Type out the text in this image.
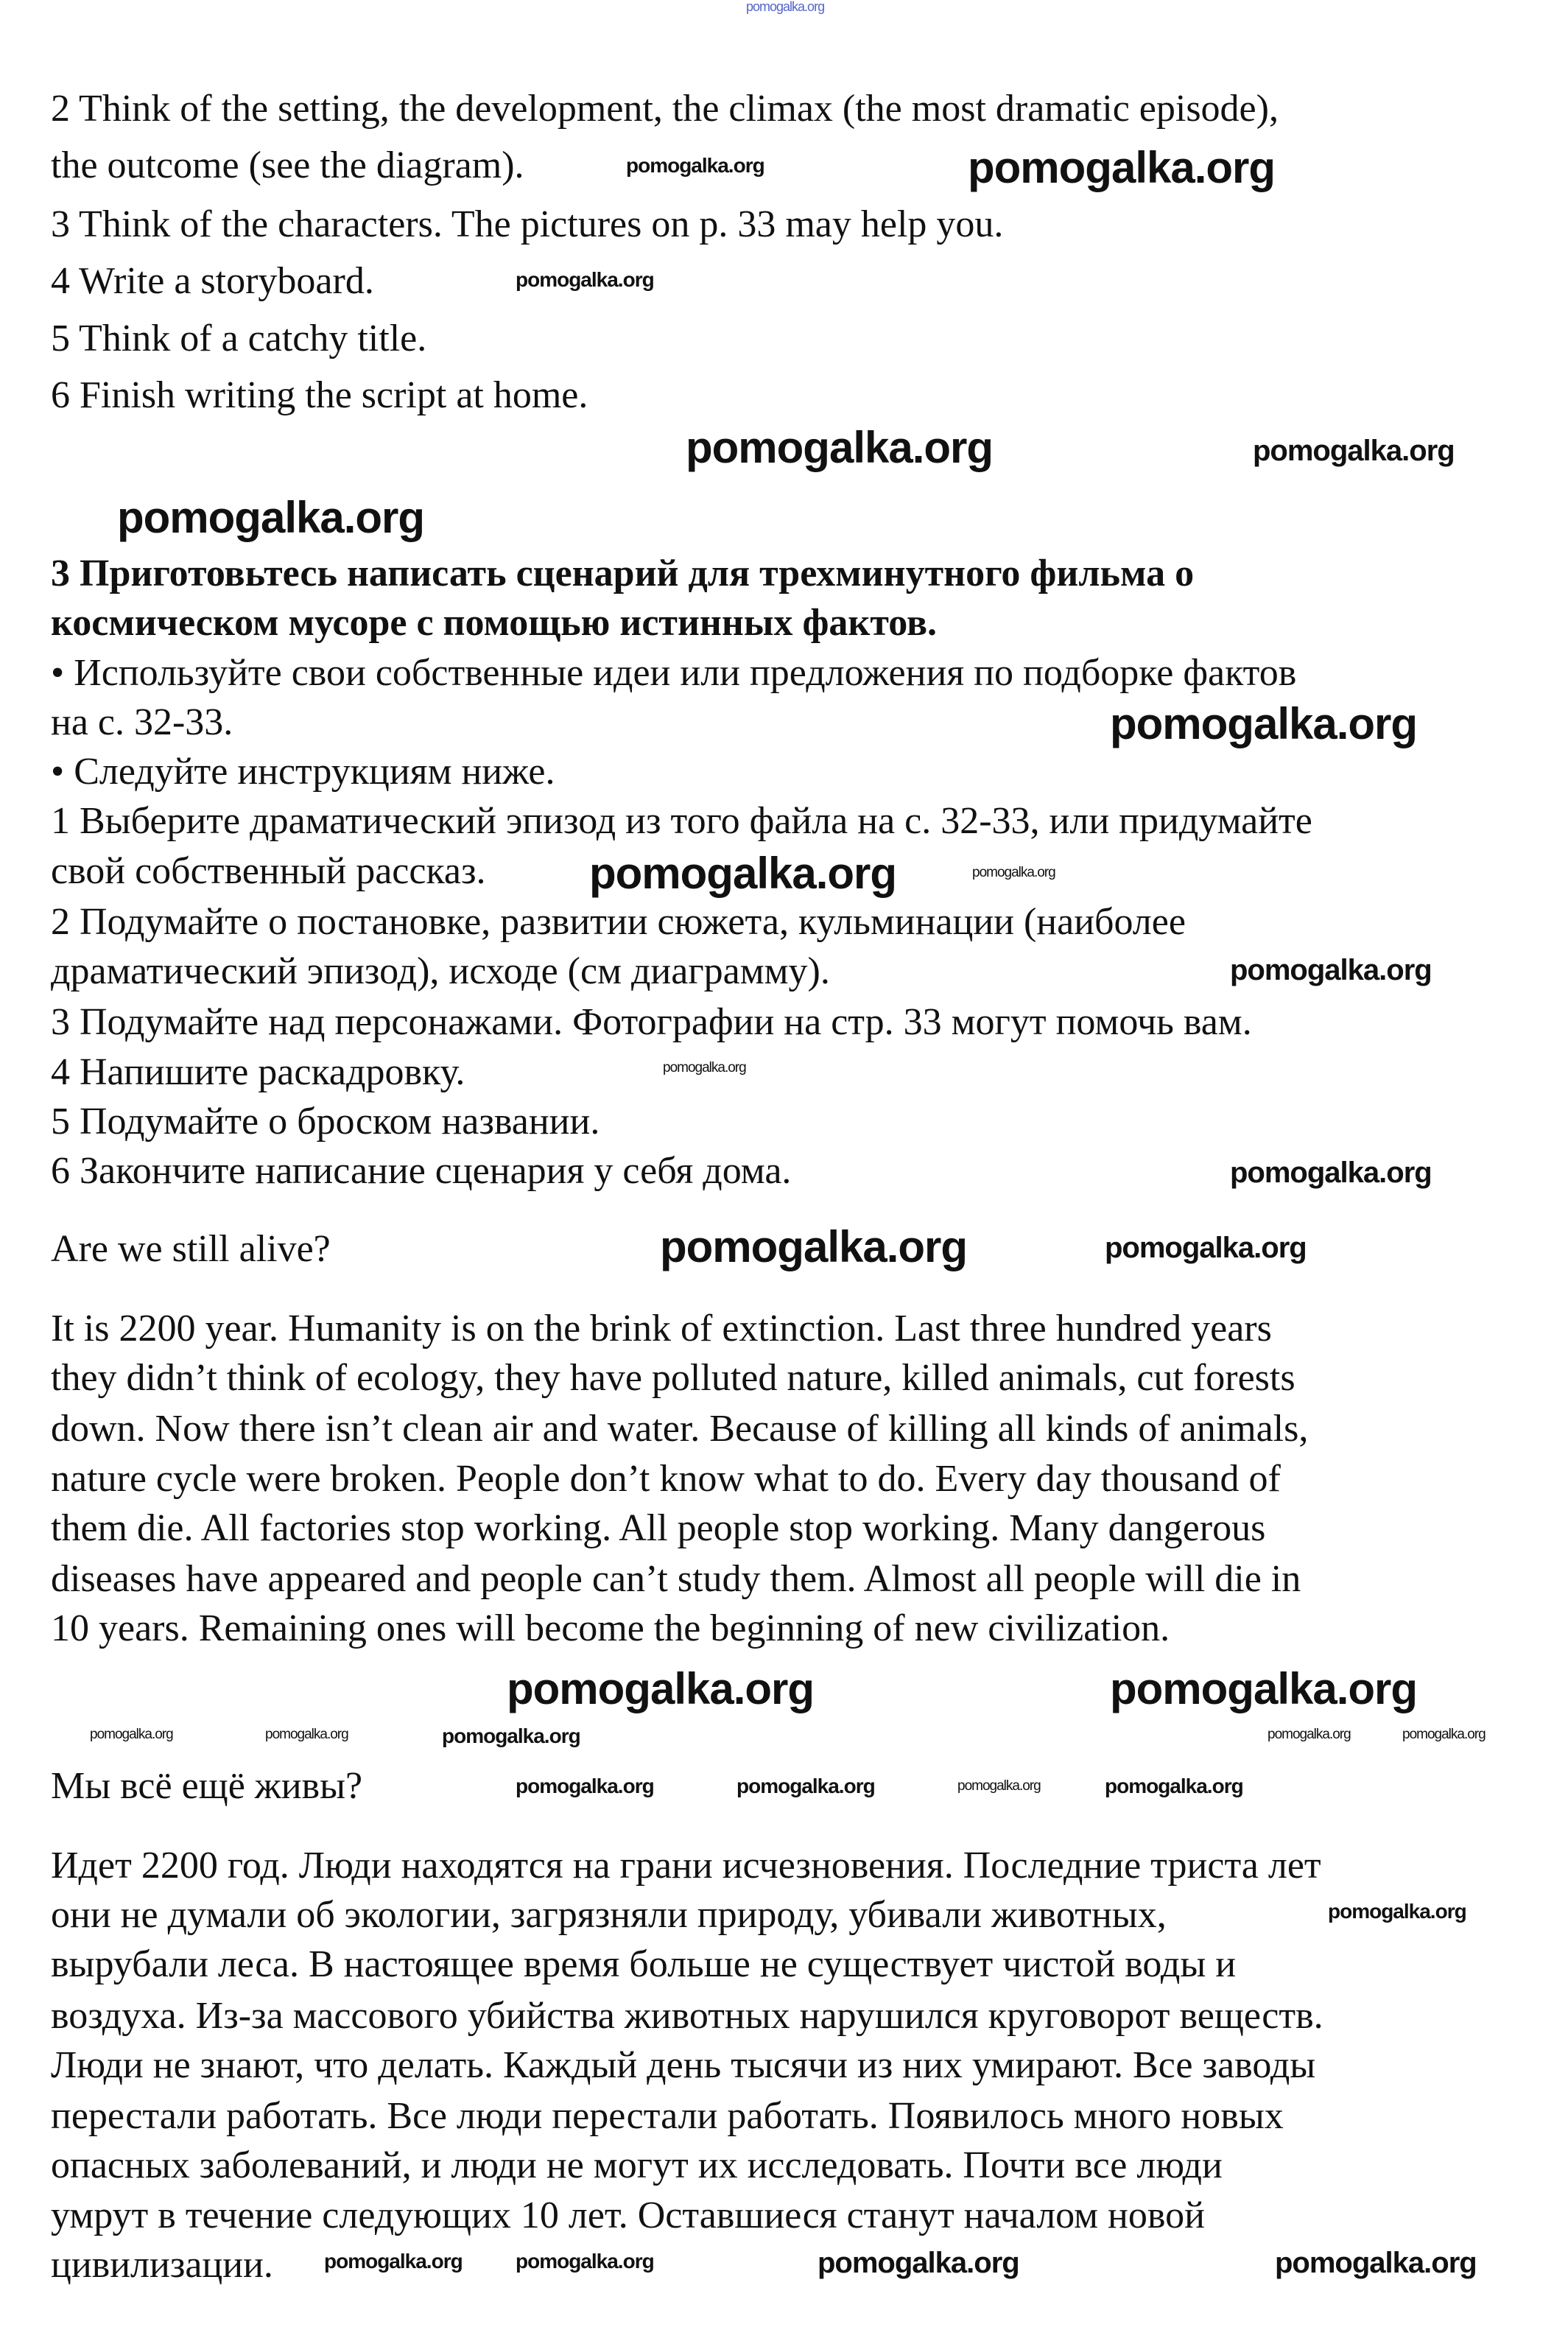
2 Think of the setting, the development, the climax (the most dramatic episode),
the outcome (see the diagram).
3 Think of the characters. The pictures on p. 33 may help you.
4 Write a storyboard.
5 Think of a catchy title.
6 Finish writing the script at home.
3 Приготовьтесь написать сценарий для трехминутного фильма о
космическом мусоре с помощью истинных фактов.
• Используйте свои собственные идеи или предложения по подборке фактов
на с. 32-33.
• Следуйте инструкциям ниже.
1 Выберите драматический эпизод из того файла на с. 32-33, или придумайте
свой собственный рассказ.
2 Подумайте о постановке, развитии сюжета, кульминации (наиболее
драматический эпизод), исходе (см диаграмму).
3 Подумайте над персонажами. Фотографии на стр. 33 могут помочь вам.
4 Напишите раскадровку.
5 Подумайте о броском названии.
6 Закончите написание сценария у себя дома.
Are we still alive?
It is 2200 year. Humanity is on the brink of extinction. Last three hundred years
they didn’t think of ecology, they have polluted nature, killed animals, cut forests
down. Now there isn’t clean air and water. Because of killing all kinds of animals,
nature cycle were broken. People don’t know what to do. Every day thousand of
them die. All factories stop working. All people stop working. Many dangerous
diseases have appeared and people can’t study them. Almost all people will die in
10 years. Remaining ones will become the beginning of new civilization.
Мы всё ещё живы?
Идет 2200 год. Люди находятся на грани исчезновения. Последние триста лет
они не думали об экологии, загрязняли природу, убивали животных,
вырубали леса. В настоящее время больше не существует чистой воды и
воздуха. Из-за массового убийства животных нарушился круговорот веществ.
Люди не знают, что делать. Каждый день тысячи из них умирают. Все заводы
перестали работать. Все люди перестали работать. Появилось много новых
опасных заболеваний, и люди не могут их исследовать. Почти все люди
умрут в течение следующих 10 лет. Оставшиеся станут началом новой
цивилизации.
pomogalka.org
pomogalka.org	pomogalka.org
pomogalka.org
pomogalka.org	pomogalka.org
pomogalka.org
pomogalka.org
pomogalka.org	pomogalka.org
pomogalka.org
pomogalka.org
pomogalka.org
pomogalka.org	pomogalka.org
pomogalka.org	pomogalka.org
pomogalka.org	pomogalka.org
pomogalka.org	pomogalka.org
pomogalka.org
pomogalka.org
pomogalka.org
pomogalka.org	pomogalka.org	pomogalka.org
pomogalka.org	pomogalka.org	pomogalka.org	pomogalka.org
